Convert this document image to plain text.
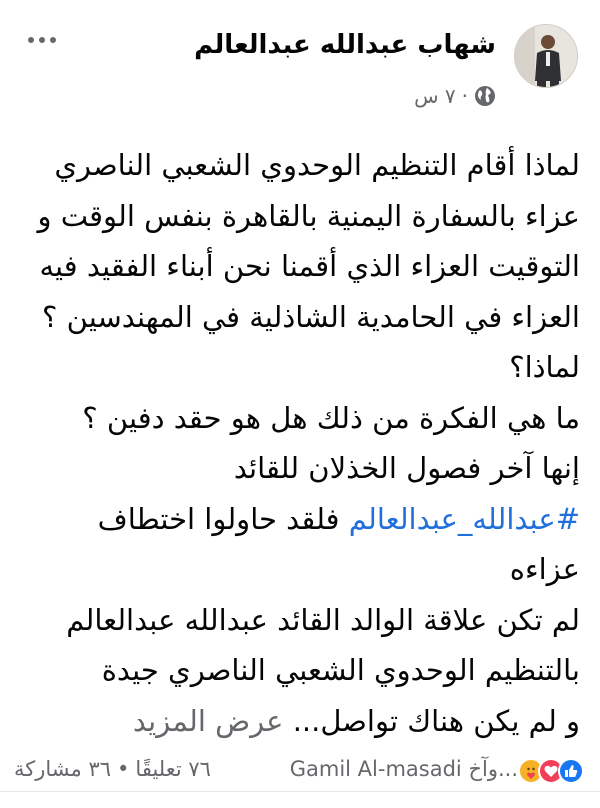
شهاب عبدالله عبدالعالم
٧ س ·
لماذا أقام التنظيم الوحدوي الشعبي الناصري
عزاء بالسفارة اليمنية بالقاهرة بنفس الوقت و
التوقيت العزاء الذي أقمنا نحن أبناء الفقيد فيه
العزاء في الحامدية الشاذلية في المهندسين ؟
لماذا؟
ما هي الفكرة من ذلك هل هو حقد دفين ؟
إنها آخر فصول الخذلان للقائد
#عبدالله_عبدالعالم فلقد حاولوا اختطاف
عزاءه
لم تكن علاقة الوالد القائد عبدالله عبدالعالم
بالتنظيم الوحدوي الشعبي الناصري جيدة
و لم يكن هناك تواصل... عرض المزيد
Gamil Al-masadi وآخ...
٧٦ تعليقًا
•
٣٦ مشاركة
